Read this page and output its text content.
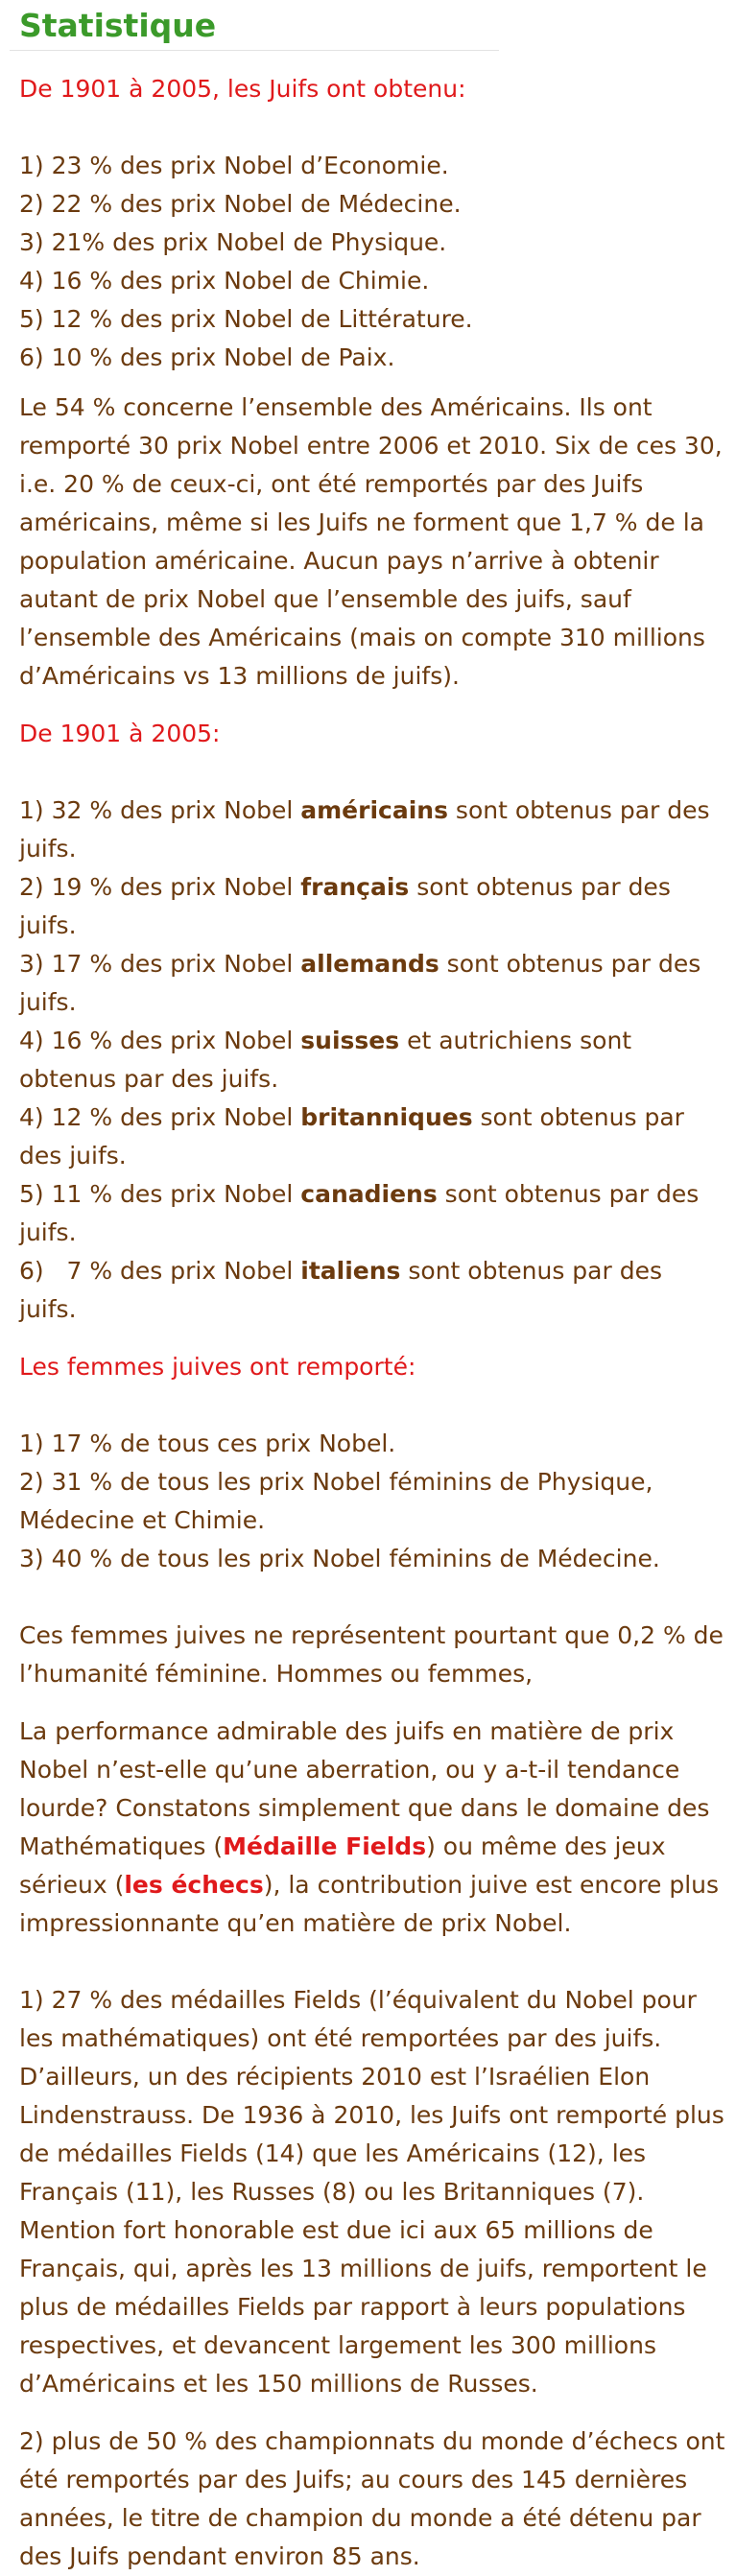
Statistique

De 1901 à 2005, les Juifs ont obtenu:

1) 23 % des prix Nobel d’Economie.

2) 22 % des prix Nobel de Médecine.

3) 21% des prix Nobel de Physique.

4) 16 % des prix Nobel de Chimie.

5) 12 % des prix Nobel de Littérature.

6) 10 % des prix Nobel de Paix.

Le 54 % concerne l’ensemble des Américains. Ils ont remporté 30 prix Nobel entre 2006 et 2010. Six de ces 30, i.e. 20 % de ceux-ci, ont été remportés par des Juifs américains, même si les Juifs ne forment que 1,7 % de la population américaine. Aucun pays n’arrive à obtenir autant de prix Nobel que l’ensemble des juifs, sauf l’ensemble des Américains (mais on compte 310 millions d’Américains vs 13 millions de juifs).

De 1901 à 2005:

1) 32 % des prix Nobel américains sont obtenus par des juifs.

2) 19 % des prix Nobel français sont obtenus par des juifs.

3) 17 % des prix Nobel allemands sont obtenus par des juifs.

4) 16 % des prix Nobel suisses et autrichiens sont obtenus par des juifs.

4) 12 % des prix Nobel britanniques sont obtenus par des juifs.

5) 11 % des prix Nobel canadiens sont obtenus par des juifs.

6)   7 % des prix Nobel italiens sont obtenus par des juifs.

Les femmes juives ont remporté:

1) 17 % de tous ces prix Nobel.

2) 31 % de tous les prix Nobel féminins de Physique, Médecine et Chimie.

3) 40 % de tous les prix Nobel féminins de Médecine.

Ces femmes juives ne représentent pourtant que 0,2 % de l’humanité féminine. Hommes ou femmes,

La performance admirable des juifs en matière de prix Nobel n’est-elle qu’une aberration, ou y a-t-il tendance lourde? Constatons simplement que dans le domaine des Mathématiques (Médaille Fields) ou même des jeux sérieux (les échecs), la contribution juive est encore plus impressionnante qu’en matière de prix Nobel.

1) 27 % des médailles Fields (l’équivalent du Nobel pour les mathématiques) ont été remportées par des juifs. D’ailleurs, un des récipients 2010 est l’Israélien Elon Lindenstrauss. De 1936 à 2010, les Juifs ont remporté plus de médailles Fields (14) que les Américains (12), les Français (11), les Russes (8) ou les Britanniques (7). Mention fort honorable est due ici aux 65 millions de Français, qui, après les 13 millions de juifs, remportent le plus de médailles Fields par rapport à leurs populations respectives, et devancent largement les 300 millions d’Américains et les 150 millions de Russes.

2) plus de 50 % des championnats du monde d’échecs ont été remportés par des Juifs; au cours des 145 dernières années, le titre de champion du monde a été détenu par des Juifs pendant environ 85 ans.
